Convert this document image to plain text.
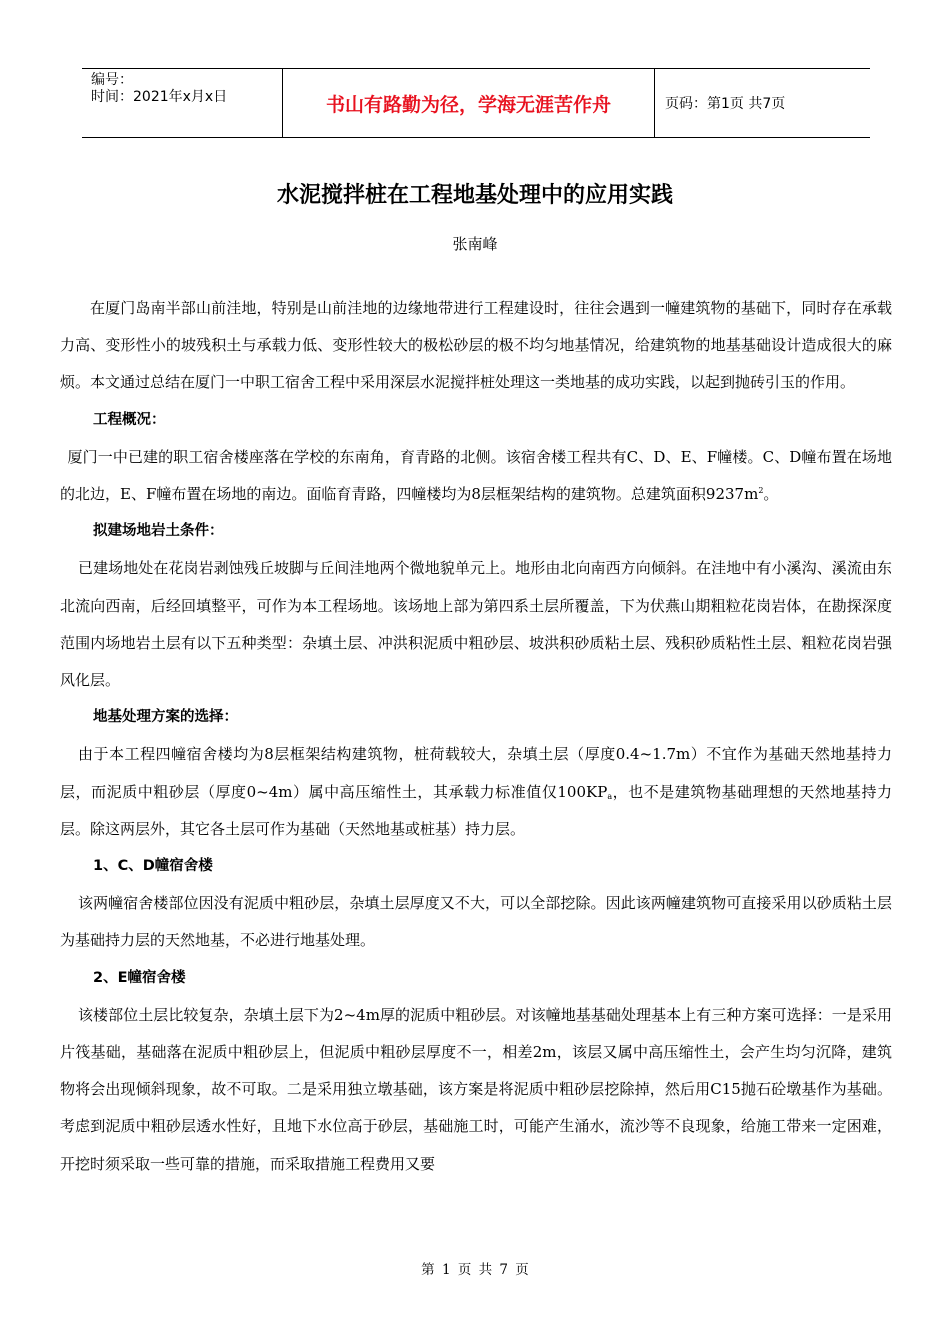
编号：
时间：2021年x月x日	书山有路勤为径，学海无涯苦作舟	页码：第1页 共7页
水泥搅拌桩在工程地基处理中的应用实践
张南峰

在厦门岛南半部山前洼地，特别是山前洼地的边缘地带进行工程建设时，往往会遇到一幢建筑物的基础下，同时存在承载力高、变形性小的坡残积土与承载力低、变形性较大的极松砂层的极不均匀地基情况，给建筑物的地基基础设计造成很大的麻烦。本文通过总结在厦门一中职工宿舍工程中采用深层水泥搅拌桩处理这一类地基的成功实践，以起到抛砖引玉的作用。

工程概况：

厦门一中已建的职工宿舍楼座落在学校的东南角，育青路的北侧。该宿舍楼工程共有C、D、E、F幢楼。C、D幢布置在场地的北边，E、F幢布置在场地的南边。面临育青路，四幢楼均为8层框架结构的建筑物。总建筑面积$9237m^2$。

拟建场地岩土条件：

已建场地处在花岗岩剥蚀残丘坡脚与丘间洼地两个微地貌单元上。地形由北向南西方向倾斜。在洼地中有小溪沟、溪流由东北流向西南，后经回填整平，可作为本工程场地。该场地上部为第四系土层所覆盖，下为伏燕山期粗粒花岗岩体，在勘探深度范围内场地岩土层有以下五种类型：杂填土层、冲洪积泥质中粗砂层、坡洪积砂质粘土层、残积砂质粘性土层、粗粒花岗岩强风化层。

地基处理方案的选择：

由于本工程四幢宿舍楼均为8层框架结构建筑物，桩荷载较大，杂填土层（厚度0.4~1.7m）不宜作为基础天然地基持力层，而泥质中粗砂层（厚度0~4m）属中高压缩性土，其承载力标准值仅$100KP_a$，也不是建筑物基础理想的天然地基持力层。除这两层外，其它各土层可作为基础（天然地基或桩基）持力层。

1、C、D幢宿舍楼

该两幢宿舍楼部位因没有泥质中粗砂层，杂填土层厚度又不大，可以全部挖除。因此该两幢建筑物可直接采用以砂质粘土层为基础持力层的天然地基，不必进行地基处理。

2、E幢宿舍楼

该楼部位土层比较复杂，杂填土层下为2~4m厚的泥质中粗砂层。对该幢地基基础处理基本上有三种方案可选择：一是采用片筏基础，基础落在泥质中粗砂层上，但泥质中粗砂层厚度不一，相差2m，该层又属中高压缩性土，会产生均匀沉降，建筑物将会出现倾斜现象，故不可取。二是采用独立墩基础，该方案是将泥质中粗砂层挖除掉，然后用C15抛石砼墩基作为基础。考虑到泥质中粗砂层透水性好，且地下水位高于砂层，基础施工时，可能产生涌水，流沙等不良现象，给施工带来一定困难，开挖时须采取一些可靠的措施，而采取措施工程费用又要

第 1 页 共 7 页
